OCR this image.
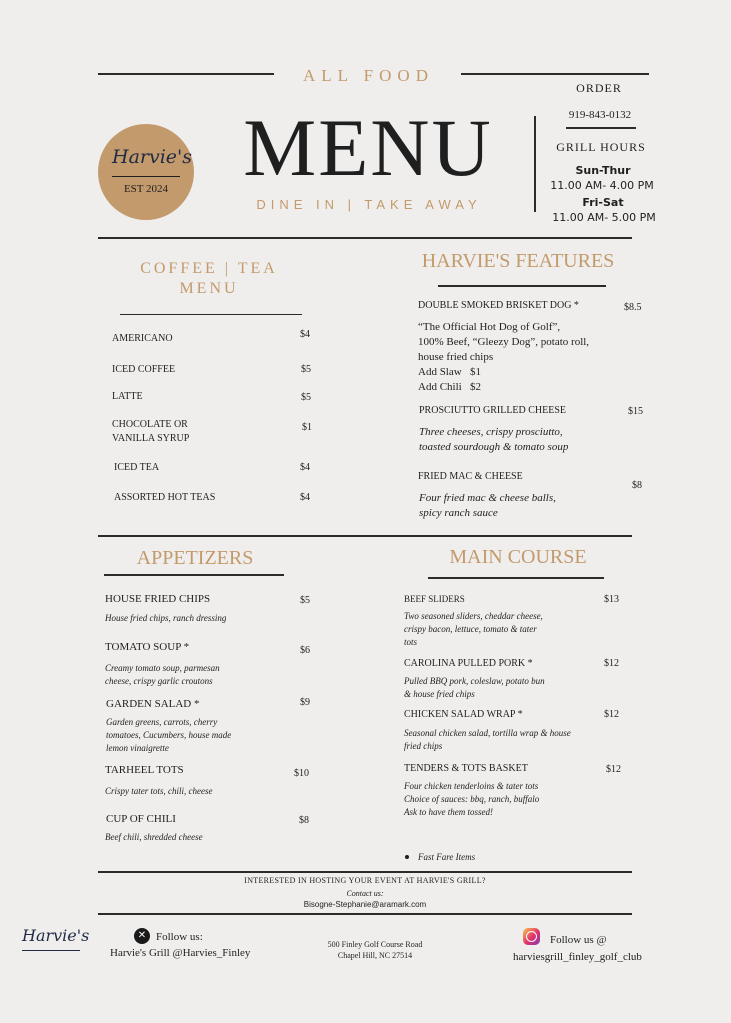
ALL FOOD
Harvie's
EST 2024 MENU
DINE IN | TAKE AWAY
ORDER
919-843-0132
GRILL HOURS
Sun-Thur
11.00 AM- 4.00 PM
Fri-Sat
11.00 AM- 5.00 PM
COFFEE | TEA
MENU
AMERICANO	$4
ICED COFFEE	$5
LATTE	$5
CHOCOLATE OR
VANILLA SYRUP
$1
ICED TEA	$4
ASSORTED HOT TEAS	$4
HARVIE'S FEATURES
DOUBLE SMOKED BRISKET DOG *	$8.5
“The Official Hot Dog of Golf”,
100% Beef, “Gleezy Dog”, potato roll,
house fried chips
Add Slaw $1
Add Chili $2
PROSCIUTTO GRILLED CHEESE	$15
Three cheeses, crispy prosciutto,
toasted sourdough & tomato soup
FRIED MAC & CHEESE
$8
Four fried mac & cheese balls,
spicy ranch sauce
APPETIZERS
HOUSE FRIED CHIPS	$5
House fried chips, ranch dressing
TOMATO SOUP *	$6
Creamy tomato soup, parmesan
cheese, crispy garlic croutons
GARDEN SALAD *	$9
Garden greens, carrots, cherry
tomatoes, Cucumbers, house made
lemon vinaigrette
TARHEEL TOTS	$10
Crispy tater tots, chili, cheese
CUP OF CHILI	$8
Beef chili, shredded cheese
MAIN COURSE
BEEF SLIDERS	$13
Two seasoned sliders, cheddar cheese,
crispy bacon, lettuce, tomato & tater
tots
CAROLINA PULLED PORK *	$12
Pulled BBQ pork, coleslaw, potato bun
& house fried chips
CHICKEN SALAD WRAP *	$12
Seasonal chicken salad, tortilla wrap & house
fried chips
TENDERS & TOTS BASKET	$12
Four chicken tenderloins & tater tots
Choice of sauces: bbq, ranch, buffalo
Ask to have them tossed!
Fast Fare Items
INTERESTED IN HOSTING YOUR EVENT AT HARVIE'S GRILL?
Contact us:
Bisogne-Stephanie@aramark.com
Harvie's	✕ Follow us:
Harvie's Grill @Harvies_Finley
500 Finley Golf Course Road
Chapel Hill, NC 27514
Follow us @
harviesgrill_finley_golf_club
